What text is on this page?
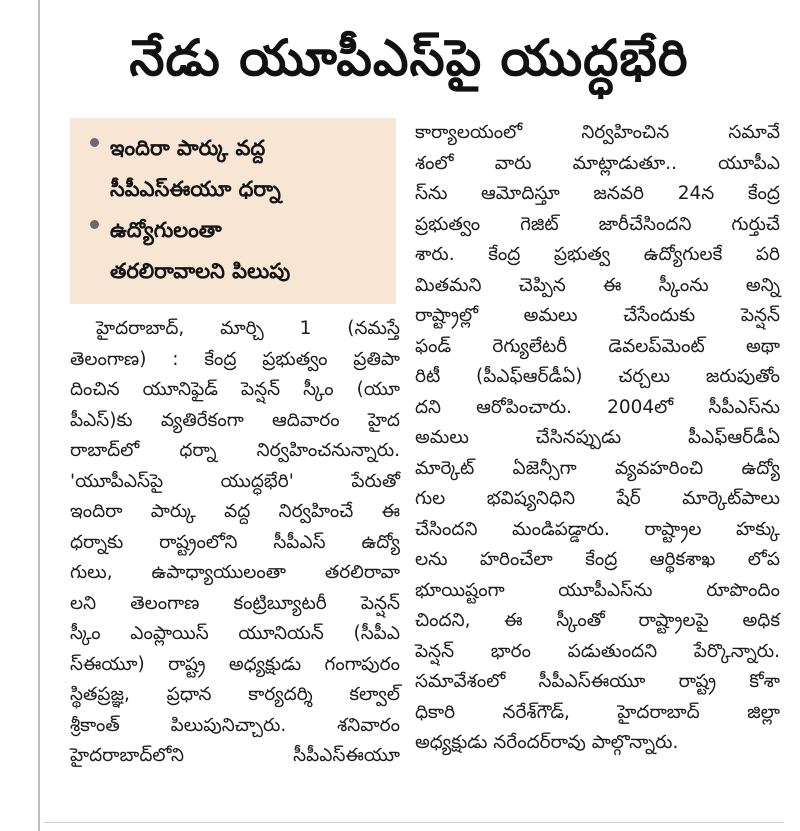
నేడు యూపీఎస్‌పై యుద్ధభేరి
ఇందిరా పార్కు వద్ద
సీపీఎస్‌ఈయూ ధర్నా
ఉద్యోగులంతా
తరలిరావాలని పిలుపు
హైదరాబాద్‌, మార్చి 1 (నమస్తే
తెలంగాణ) : కేంద్ర ప్రభుత్వం ప్రతిపా
దించిన యూనిఫైడ్‌ పెన్షన్‌ స్కీం (యూ
పీఎస్‌)కు వ్యతిరేకంగా ఆదివారం హైద
రాబాద్‌లో ధర్నా నిర్వహించనున్నారు.
'యూపీఎస్‌పై యుద్ధభేరి' పేరుతో
ఇందిరా పార్కు వద్ద నిర్వహించే ఈ
ధర్నాకు రాష్ట్రంలోని సీపీఎస్‌ ఉద్యో
గులు, ఉపాధ్యాయులంతా తరలిరావా
లని తెలంగాణ కంట్రిబ్యూటరీ పెన్షన్‌
స్కీం ఎంప్లాయిస్‌ యూనియన్‌ (సీపీఎ
స్‌ఈయూ) రాష్ట్ర అధ్యక్షుడు గంగాపురం
స్థితప్రజ్ఞ, ప్రధాన కార్యదర్శి కల్వాల్‌
శ్రీకాంత్‌ పిలుపునిచ్చారు. శనివారం
హైదరాబాద్‌లోని సీపీఎస్‌ఈయూ
కార్యాలయంలో నిర్వహించిన సమావే
శంలో వారు మాట్లాడుతూ.. యూపీఎ
స్‌ను ఆమోదిస్తూ జనవరి 24న కేంద్ర
ప్రభుత్వం గెజిట్‌ జారీచేసిందని గుర్తుచే
శారు. కేంద్ర ప్రభుత్వ ఉద్యోగులకే పరి
మితమని చెప్పిన ఈ స్కీంను అన్ని
రాష్ట్రాల్లో అమలు చేసేందుకు పెన్షన్‌
ఫండ్‌ రెగ్యులేటరీ డెవలప్‌మెంట్‌ అథా
రిటీ (పీఎఫ్‌ఆర్‌డీఏ) చర్చలు జరుపుతోం
దని ఆరోపించారు. 2004లో సీపీఎస్‌ను
అమలు చేసినప్పుడు పీఎఫ్‌ఆర్‌డీఏ
మార్కెట్‌ ఏజెన్సీగా వ్యవహరించి ఉద్యో
గుల భవిష్యనిధిని షేర్‌ మార్కెట్‌పాలు
చేసిందని మండిపడ్డారు. రాష్ట్రాల హక్కు
లను హరించేలా కేంద్ర ఆర్థికశాఖ లోప
భూయిష్టంగా యూపీఎస్‌ను రూపొందిం
చిందని, ఈ స్కీంతో రాష్ట్రాలపై అధిక
పెన్షన్‌ భారం పడుతుందని పేర్కొన్నారు.
సమావేశంలో సీపీఎస్‌ఈయూ రాష్ట్ర కోశా
ధికారి నరేశ్‌గౌడ్‌, హైదరాబాద్‌ జిల్లా
అధ్యక్షుడు నరేందర్‌రావు పాల్గొన్నారు.
